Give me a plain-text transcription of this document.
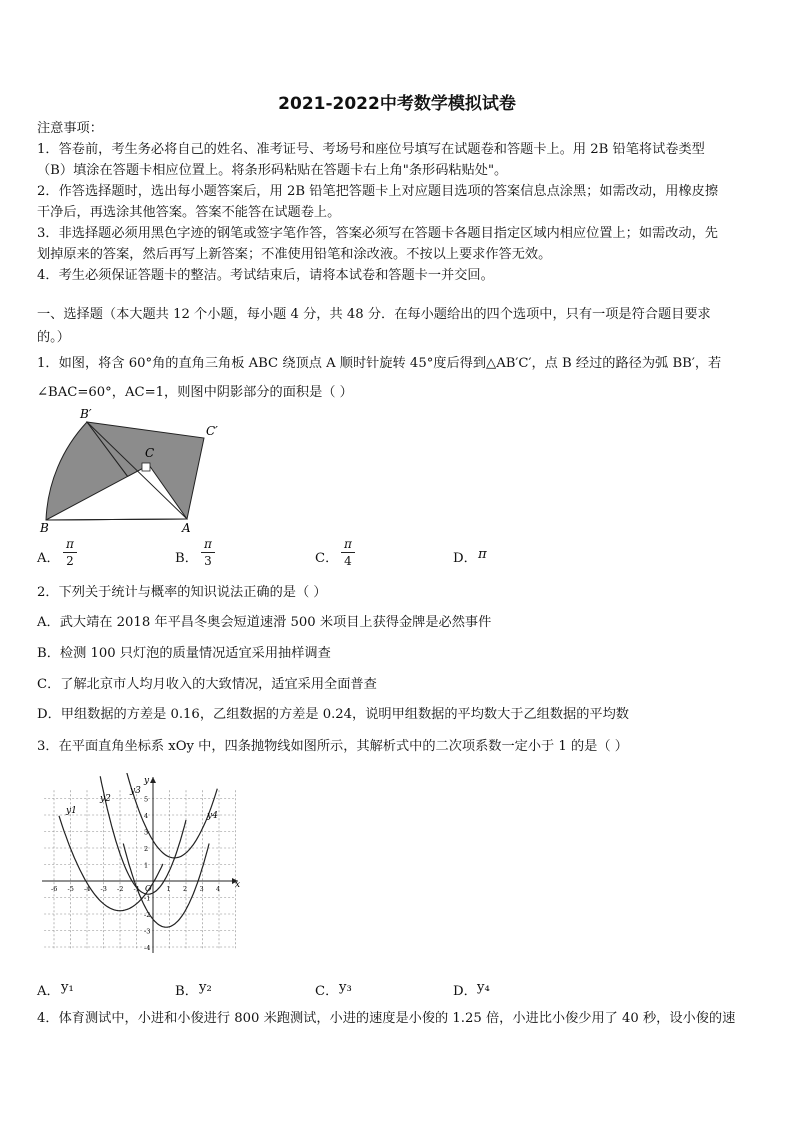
2021-2022中考数学模拟试卷
注意事项：
1．答卷前，考生务必将自己的姓名、准考证号、考场号和座位号填写在试题卷和答题卡上。用 2B 铅笔将试卷类型
（B）填涂在答题卡相应位置上。将条形码粘贴在答题卡右上角"条形码粘贴处"。
2．作答选择题时，选出每小题答案后，用 2B 铅笔把答题卡上对应题目选项的答案信息点涂黑；如需改动，用橡皮擦
干净后，再选涂其他答案。答案不能答在试题卷上。
3．非选择题必须用黑色字迹的钢笔或签字笔作答，答案必须写在答题卡各题目指定区域内相应位置上；如需改动，先
划掉原来的答案，然后再写上新答案；不准使用铅笔和涂改液。不按以上要求作答无效。
4．考生必须保证答题卡的整洁。考试结束后，请将本试卷和答题卡一并交回。
一、选择题（本大题共 12 个小题，每小题 4 分，共 48 分．在每小题给出的四个选项中，只有一项是符合题目要求
的。）
1．如图，将含 60°角的直角三角板 ABC 绕顶点 A 顺时针旋转 45°度后得到△AB′C′，点 B 经过的路径为弧 BB′，若
∠BAC=60°，AC=1，则图中阴影部分的面积是（ ）
B′
C′
C
B	A
A．
π
2	B．
π
3	C．
π
4	D． π
2．下列关于统计与概率的知识说法正确的是（ ）
A．武大靖在 2018 年平昌冬奥会短道速滑 500 米项目上获得金牌是必然事件
B．检测 100 只灯泡的质量情况适宜采用抽样调查
C．了解北京市人均月收入的大致情况，适宜采用全面普查
D．甲组数据的方差是 0.16，乙组数据的方差是 0.24，说明甲组数据的平均数大于乙组数据的平均数
3．在平面直角坐标系 xOy 中，四条抛物线如图所示，其解析式中的二次项系数一定小于 1 的是（ ）
x
y
O
-6 -5 -4 -3 -2 -1	1 2 3 4
5
4
3
2
1
-1
-2
-3
-4
y1
y2
y3
y4
A． y₁	B． y₂	C． y₃	D． y₄
4．体育测试中，小进和小俊进行 800 米跑测试，小进的速度是小俊的 1.25 倍，小进比小俊少用了 40 秒，设小俊的速
